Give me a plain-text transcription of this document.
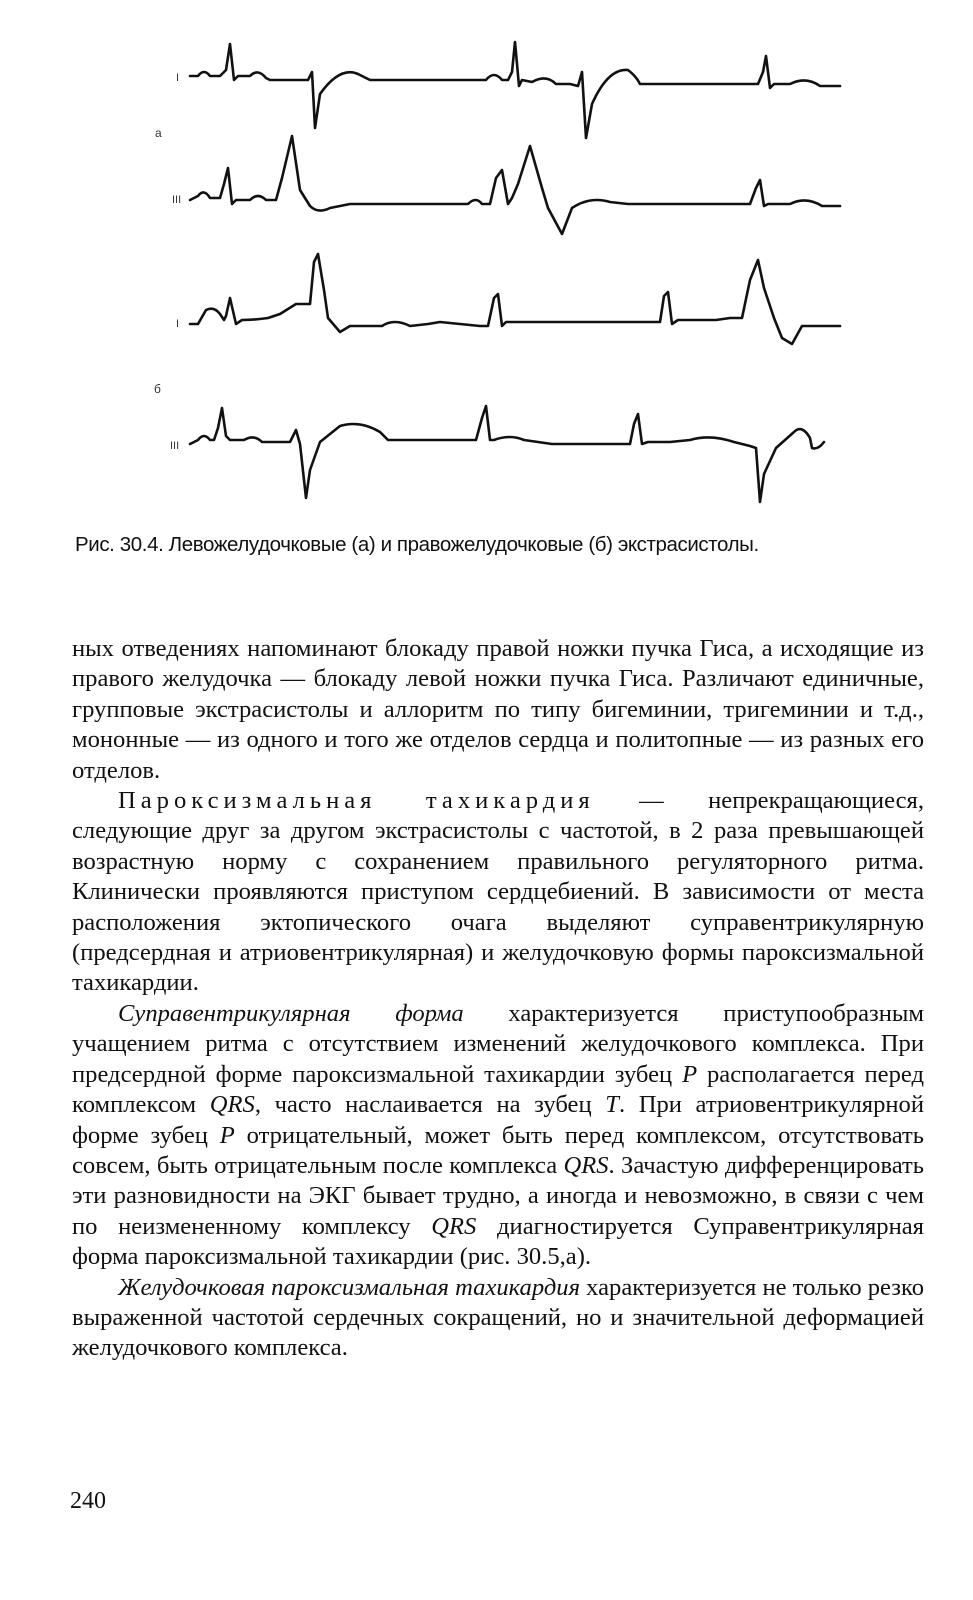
I
а
III
I
б
III
Рис. 30.4. Левожелудочковые (а) и правожелудочковые (б) экстрасистолы.

ных отведениях напоминают блокаду правой ножки пучка Гиса, а исходящие из правого желудочка — блокаду левой ножки пучка Гиса. Различают единичные, групповые экстрасистолы и аллоритм по типу бигеминии, тригеминии и т.д., мононные — из одного и того же отделов сердца и политопные — из разных его отделов.

Пароксизмальная тахикардия — непрекращающиеся, следующие друг за другом экстрасистолы с частотой, в 2 раза превышающей возрастную норму с сохранением правильного регуляторного ритма. Клинически проявляются приступом сердцебиений. В зависимости от места расположения эктопического очага выделяют суправентрикулярную (предсердная и атриовентрикулярная) и желудочковую формы пароксизмальной тахикардии.

Суправентрикулярная форма характеризуется приступообразным учащением ритма с отсутствием изменений желудочкового комплекса. При предсердной форме пароксизмальной тахикардии зубец Р располагается перед комплексом QRS, часто наслаивается на зубец Т. При атриовентрикулярной форме зубец Р отрицательный, может быть перед комплексом, отсутствовать совсем, быть отрицательным после комплекса QRS. Зачастую дифференцировать эти разновидности на ЭКГ бывает трудно, а иногда и невозможно, в связи с чем по неизмененному комплексу QRS диагностируется Суправентрикулярная форма пароксизмальной тахикардии (рис. 30.5,а).

Желудочковая пароксизмальная тахикардия характеризуется не только резко выраженной частотой сердечных сокращений, но и значительной деформацией желудочкового комплекса.

240
